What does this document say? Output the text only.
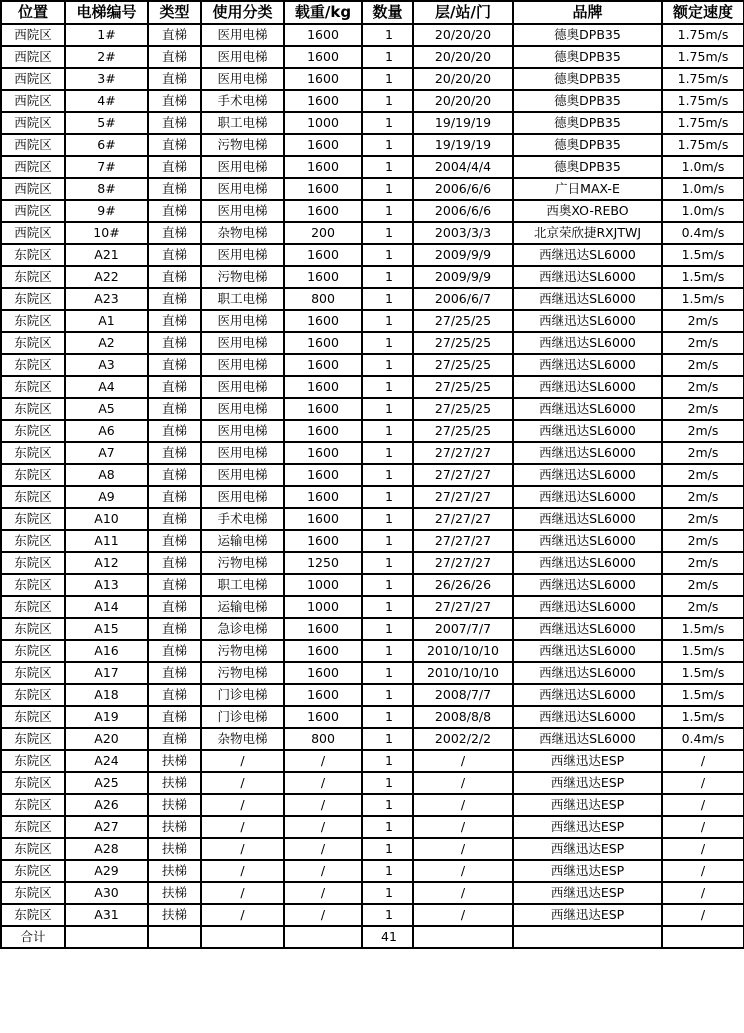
位置	电梯编号	类型	使用分类	载重/kg	数量	层/站/门	品牌	额定速度
西院区	1#	直梯	医用电梯	1600	1	20/20/20	德奥DPB35	1.75m/s
西院区	2#	直梯	医用电梯	1600	1	20/20/20	德奥DPB35	1.75m/s
西院区	3#	直梯	医用电梯	1600	1	20/20/20	德奥DPB35	1.75m/s
西院区	4#	直梯	手术电梯	1600	1	20/20/20	德奥DPB35	1.75m/s
西院区	5#	直梯	职工电梯	1000	1	19/19/19	德奥DPB35	1.75m/s
西院区	6#	直梯	污物电梯	1600	1	19/19/19	德奥DPB35	1.75m/s
西院区	7#	直梯	医用电梯	1600	1	2004/4/4	德奥DPB35	1.0m/s
西院区	8#	直梯	医用电梯	1600	1	2006/6/6	广日MAX-E	1.0m/s
西院区	9#	直梯	医用电梯	1600	1	2006/6/6	西奥XO-REBO	1.0m/s
西院区	10#	直梯	杂物电梯	200	1	2003/3/3	北京荣欣捷RXJTWJ	0.4m/s
东院区	A21	直梯	医用电梯	1600	1	2009/9/9	西继迅达SL6000	1.5m/s
东院区	A22	直梯	污物电梯	1600	1	2009/9/9	西继迅达SL6000	1.5m/s
东院区	A23	直梯	职工电梯	800	1	2006/6/7	西继迅达SL6000	1.5m/s
东院区	A1	直梯	医用电梯	1600	1	27/25/25	西继迅达SL6000	2m/s
东院区	A2	直梯	医用电梯	1600	1	27/25/25	西继迅达SL6000	2m/s
东院区	A3	直梯	医用电梯	1600	1	27/25/25	西继迅达SL6000	2m/s
东院区	A4	直梯	医用电梯	1600	1	27/25/25	西继迅达SL6000	2m/s
东院区	A5	直梯	医用电梯	1600	1	27/25/25	西继迅达SL6000	2m/s
东院区	A6	直梯	医用电梯	1600	1	27/25/25	西继迅达SL6000	2m/s
东院区	A7	直梯	医用电梯	1600	1	27/27/27	西继迅达SL6000	2m/s
东院区	A8	直梯	医用电梯	1600	1	27/27/27	西继迅达SL6000	2m/s
东院区	A9	直梯	医用电梯	1600	1	27/27/27	西继迅达SL6000	2m/s
东院区	A10	直梯	手术电梯	1600	1	27/27/27	西继迅达SL6000	2m/s
东院区	A11	直梯	运输电梯	1600	1	27/27/27	西继迅达SL6000	2m/s
东院区	A12	直梯	污物电梯	1250	1	27/27/27	西继迅达SL6000	2m/s
东院区	A13	直梯	职工电梯	1000	1	26/26/26	西继迅达SL6000	2m/s
东院区	A14	直梯	运输电梯	1000	1	27/27/27	西继迅达SL6000	2m/s
东院区	A15	直梯	急诊电梯	1600	1	2007/7/7	西继迅达SL6000	1.5m/s
东院区	A16	直梯	污物电梯	1600	1	2010/10/10	西继迅达SL6000	1.5m/s
东院区	A17	直梯	污物电梯	1600	1	2010/10/10	西继迅达SL6000	1.5m/s
东院区	A18	直梯	门诊电梯	1600	1	2008/7/7	西继迅达SL6000	1.5m/s
东院区	A19	直梯	门诊电梯	1600	1	2008/8/8	西继迅达SL6000	1.5m/s
东院区	A20	直梯	杂物电梯	800	1	2002/2/2	西继迅达SL6000	0.4m/s
东院区	A24	扶梯	/	/	1	/	西继迅达ESP	/
东院区	A25	扶梯	/	/	1	/	西继迅达ESP	/
东院区	A26	扶梯	/	/	1	/	西继迅达ESP	/
东院区	A27	扶梯	/	/	1	/	西继迅达ESP	/
东院区	A28	扶梯	/	/	1	/	西继迅达ESP	/
东院区	A29	扶梯	/	/	1	/	西继迅达ESP	/
东院区	A30	扶梯	/	/	1	/	西继迅达ESP	/
东院区	A31	扶梯	/	/	1	/	西继迅达ESP	/
合计					41			
